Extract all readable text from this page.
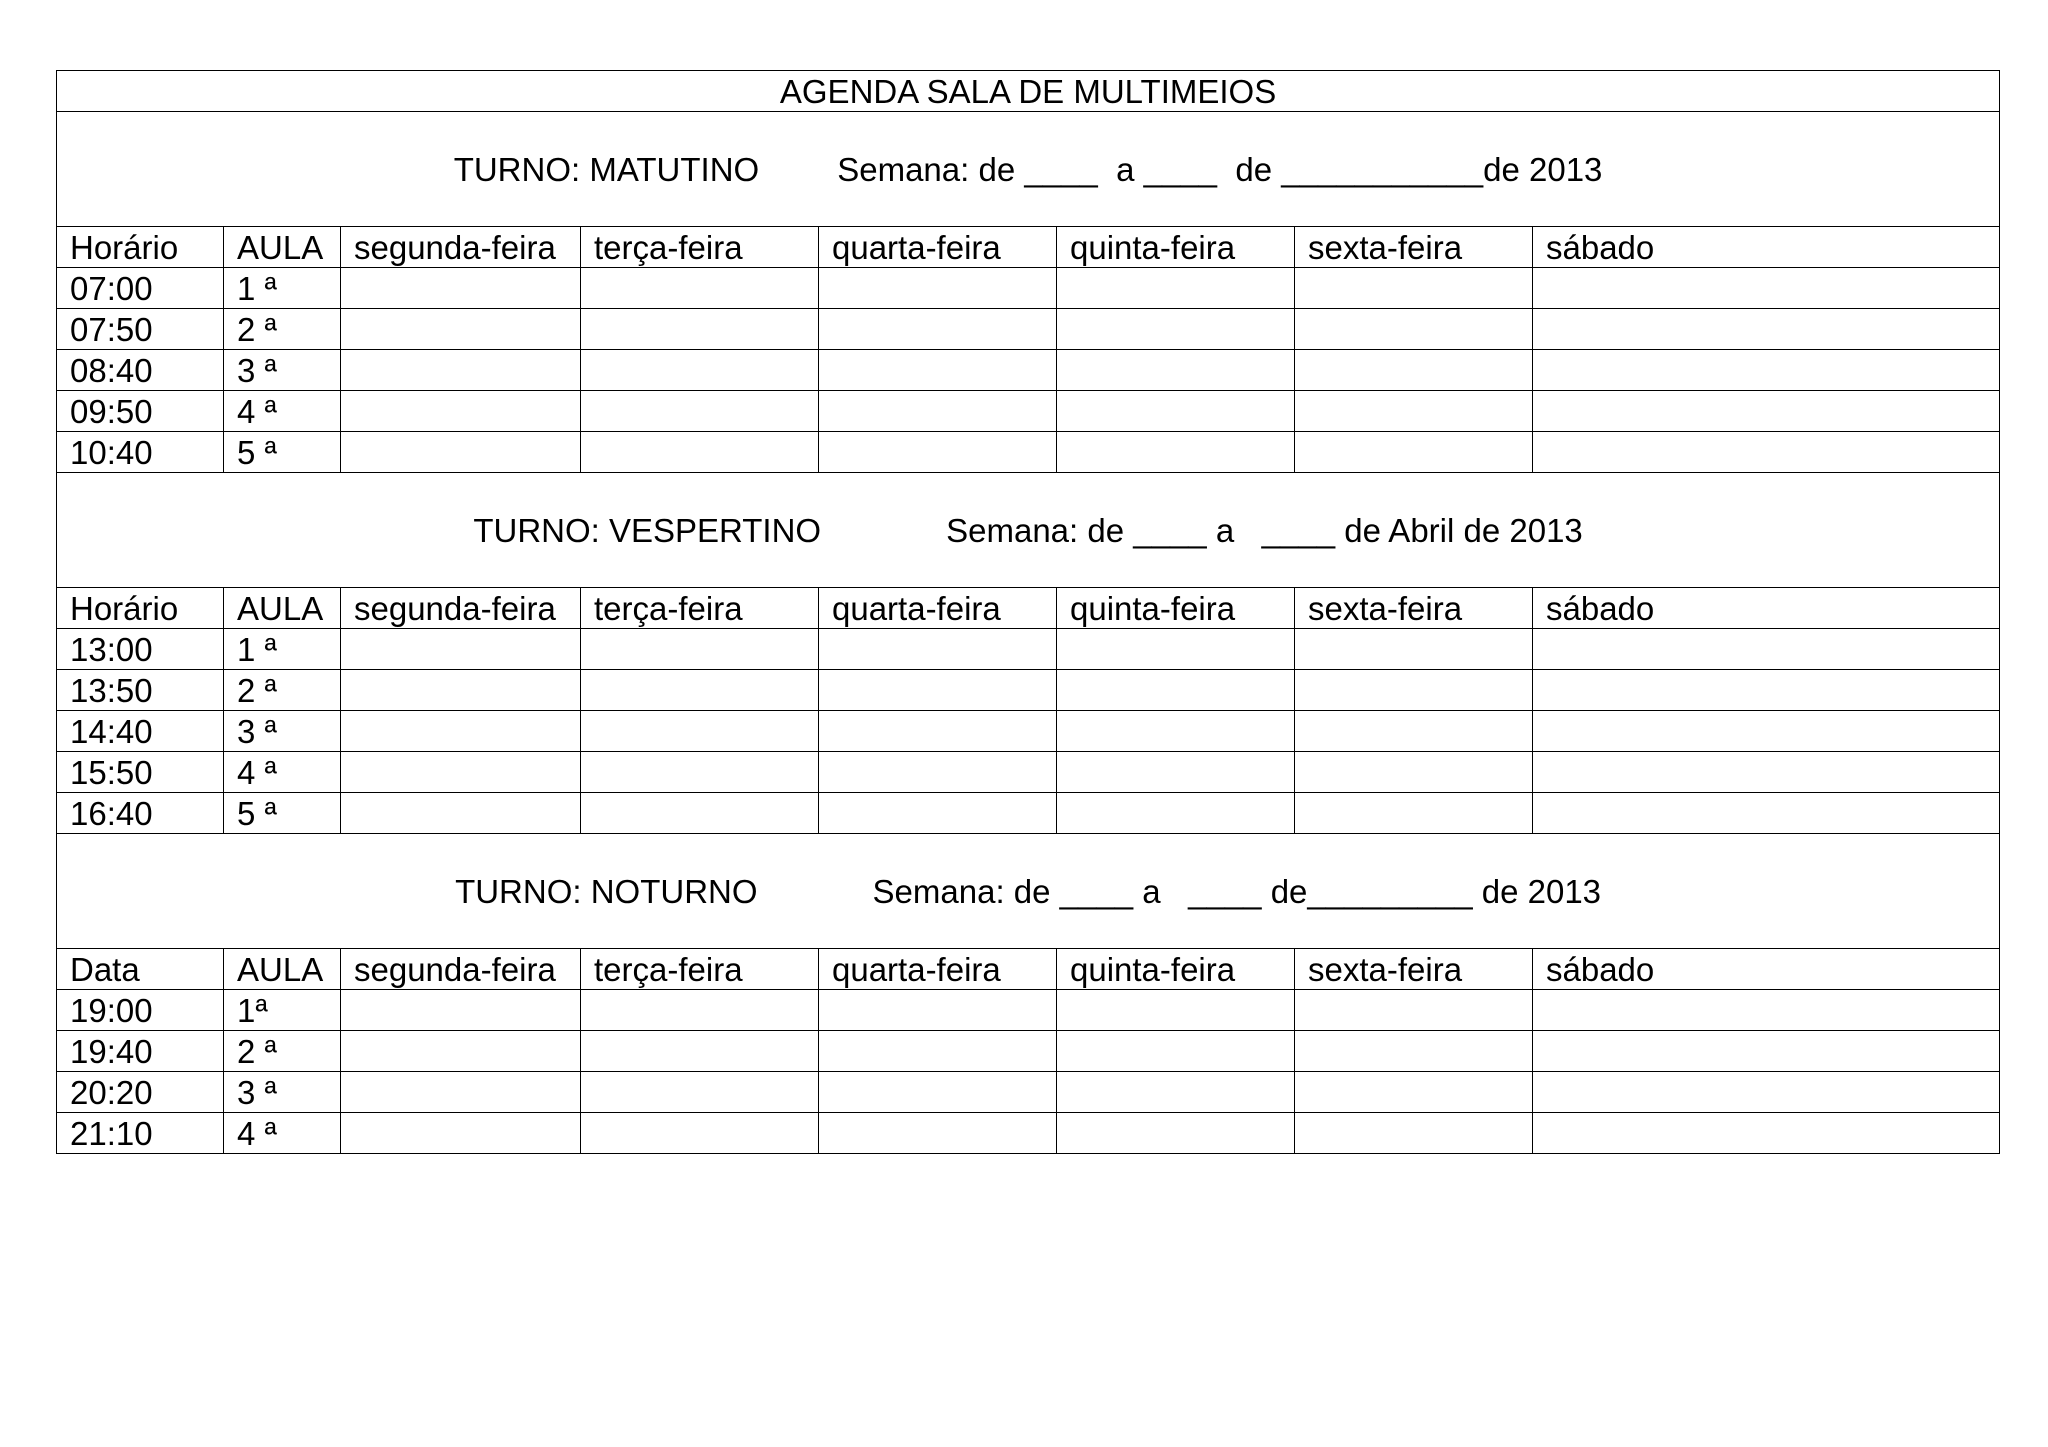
AGENDA SALA DE MULTIMEIOS							
TURNO: MATUTINO Semana: de ____  a ____  de ___________de 2013							
Horário	AULA	segunda-feira	terça-feira	quarta-feira	quinta-feira	sexta-feira	sábado
07:00	1 ª						
07:50	2 ª						
08:40	3 ª						
09:50	4 ª						
10:40	5 ª						
TURNO: VESPERTINO Semana: de ____ a   ____ de Abril de 2013							
Horário	AULA	segunda-feira	terça-feira	quarta-feira	quinta-feira	sexta-feira	sábado
13:00	1 ª						
13:50	2 ª						
14:40	3 ª						
15:50	4 ª						
16:40	5 ª						
TURNO: NOTURNO Semana: de ____ a   ____ de_________ de 2013							
Data	AULA	segunda-feira	terça-feira	quarta-feira	quinta-feira	sexta-feira	sábado
19:00	1ª						
19:40	2 ª						
20:20	3 ª						
21:10	4 ª						
